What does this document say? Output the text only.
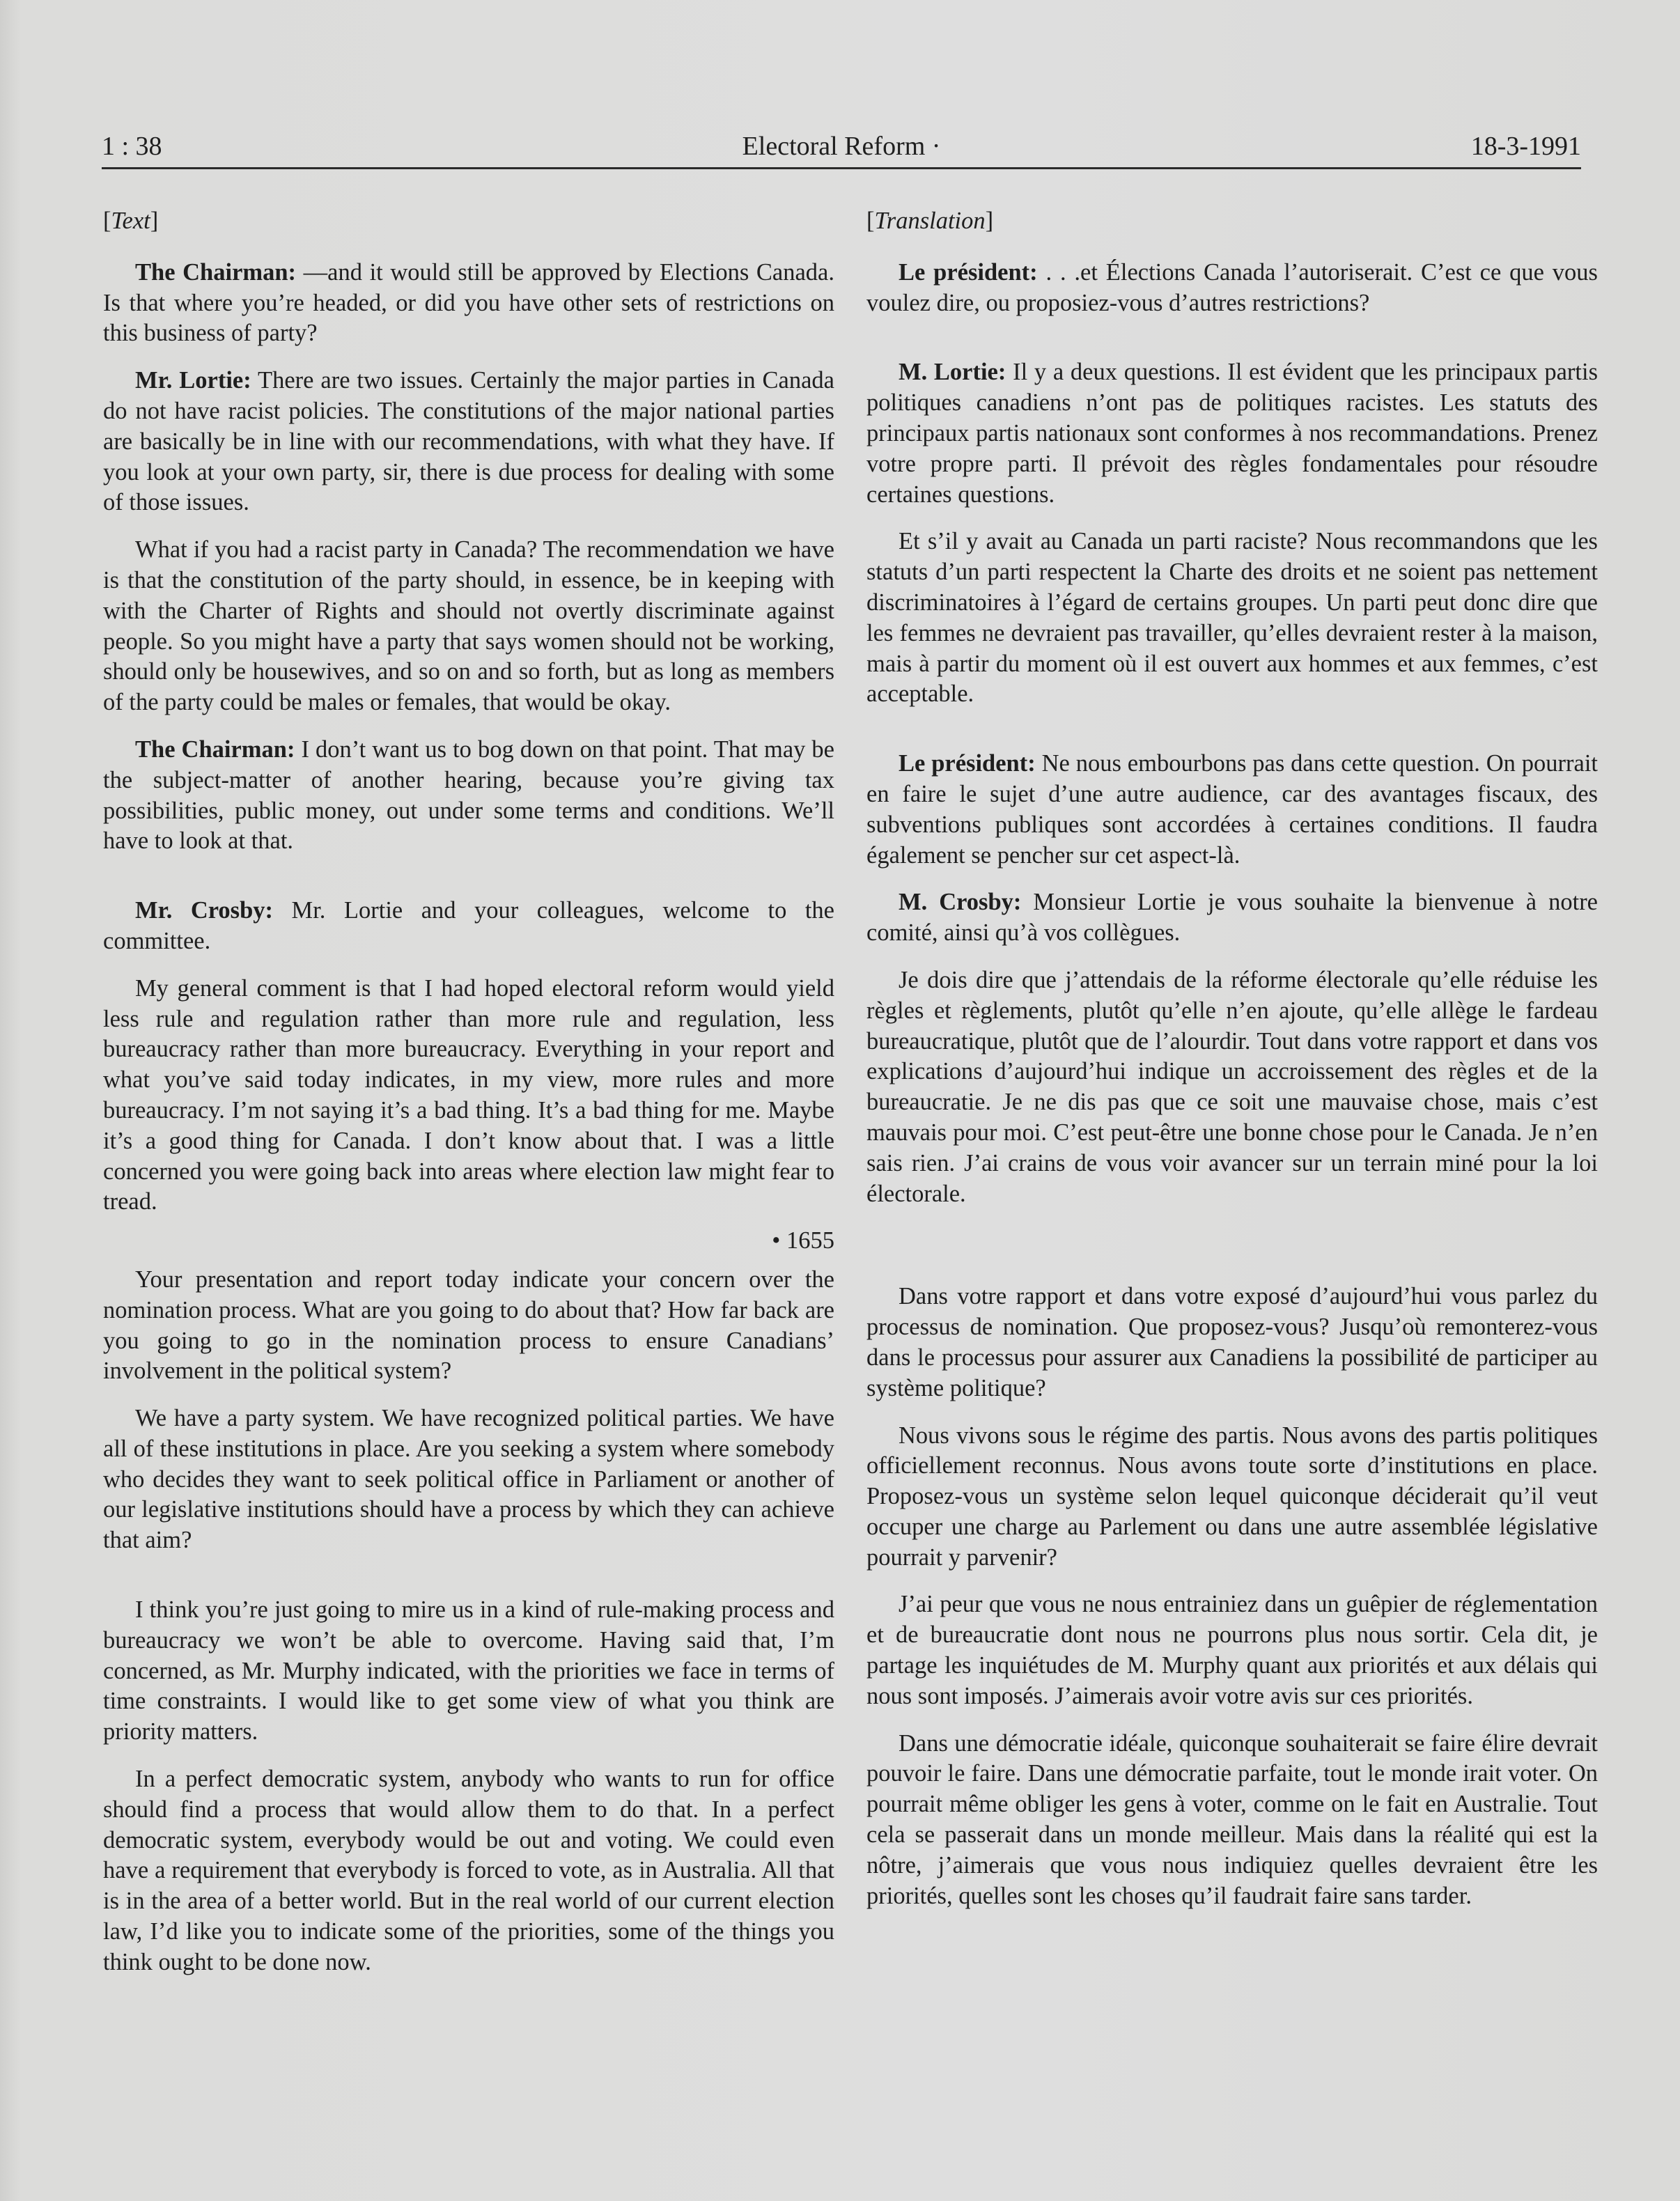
1 : 38	Electoral Reform ·	18-3-1991

[Text]

The Chairman: —and it would still be approved by Elections Canada. Is that where you’re headed, or did you have other sets of restrictions on this business of party?

Mr. Lortie: There are two issues. Certainly the major parties in Canada do not have racist policies. The constitutions of the major national parties are basically be in line with our recommendations, with what they have. If you look at your own party, sir, there is due process for dealing with some of those issues.

What if you had a racist party in Canada? The recommendation we have is that the constitution of the party should, in essence, be in keeping with with the Charter of Rights and should not overtly discriminate against people. So you might have a party that says women should not be working, should only be housewives, and so on and so forth, but as long as members of the party could be males or females, that would be okay.

The Chairman: I don’t want us to bog down on that point. That may be the subject-matter of another hearing, because you’re giving tax possibilities, public money, out under some terms and conditions. We’ll have to look at that.

Mr. Crosby: Mr. Lortie and your colleagues, welcome to the committee.

My general comment is that I had hoped electoral reform would yield less rule and regulation rather than more rule and regulation, less bureaucracy rather than more bureaucracy. Everything in your report and what you’ve said today indicates, in my view, more rules and more bureaucracy. I’m not saying it’s a bad thing. It’s a bad thing for me. Maybe it’s a good thing for Canada. I don’t know about that. I was a little concerned you were going back into areas where election law might fear to tread.

• 1655

Your presentation and report today indicate your concern over the nomination process. What are you going to do about that? How far back are you going to go in the nomination process to ensure Canadians’ involvement in the political system?

We have a party system. We have recognized political parties. We have all of these institutions in place. Are you seeking a system where somebody who decides they want to seek political office in Parliament or another of our legislative institutions should have a process by which they can achieve that aim?

I think you’re just going to mire us in a kind of rule-making process and bureaucracy we won’t be able to overcome. Having said that, I’m concerned, as Mr. Murphy indicated, with the priorities we face in terms of time constraints. I would like to get some view of what you think are priority matters.

In a perfect democratic system, anybody who wants to run for office should find a process that would allow them to do that. In a perfect democratic system, everybody would be out and voting. We could even have a requirement that everybody is forced to vote, as in Australia. All that is in the area of a better world. But in the real world of our current election law, I’d like you to indicate some of the priorities, some of the things you think ought to be done now.

[Translation]

Le président: . . .et Élections Canada l’autoriserait. C’est ce que vous voulez dire, ou proposiez-vous d’autres restrictions?

M. Lortie: Il y a deux questions. Il est évident que les principaux partis politiques canadiens n’ont pas de politiques racistes. Les statuts des principaux partis nationaux sont conformes à nos recommandations. Prenez votre propre parti. Il prévoit des règles fondamentales pour résoudre certaines questions.

Et s’il y avait au Canada un parti raciste? Nous recommandons que les statuts d’un parti respectent la Charte des droits et ne soient pas nettement discriminatoires à l’égard de certains groupes. Un parti peut donc dire que les femmes ne devraient pas travailler, qu’elles devraient rester à la maison, mais à partir du moment où il est ouvert aux hommes et aux femmes, c’est acceptable.

Le président: Ne nous embourbons pas dans cette question. On pourrait en faire le sujet d’une autre audience, car des avantages fiscaux, des subventions publiques sont accordées à certaines conditions. Il faudra également se pencher sur cet aspect-là.

M. Crosby: Monsieur Lortie je vous souhaite la bienvenue à notre comité, ainsi qu’à vos collègues.

Je dois dire que j’attendais de la réforme électorale qu’elle réduise les règles et règlements, plutôt qu’elle n’en ajoute, qu’elle allège le fardeau bureaucratique, plutôt que de l’alourdir. Tout dans votre rapport et dans vos explications d’aujourd’hui indique un accroissement des règles et de la bureaucratie. Je ne dis pas que ce soit une mauvaise chose, mais c’est mauvais pour moi. C’est peut-être une bonne chose pour le Canada. Je n’en sais rien. J’ai crains de vous voir avancer sur un terrain miné pour la loi électorale.

Dans votre rapport et dans votre exposé d’aujourd’hui vous parlez du processus de nomination. Que proposez-vous? Jusqu’où remonterez-vous dans le processus pour assurer aux Canadiens la possibilité de participer au système politique?

Nous vivons sous le régime des partis. Nous avons des partis politiques officiellement reconnus. Nous avons toute sorte d’institutions en place. Proposez-vous un système selon lequel quiconque déciderait qu’il veut occuper une charge au Parlement ou dans une autre assemblée législative pourrait y parvenir?

J’ai peur que vous ne nous entrainiez dans un guêpier de réglementation et de bureaucratie dont nous ne pourrons plus nous sortir. Cela dit, je partage les inquiétudes de M. Murphy quant aux priorités et aux délais qui nous sont imposés. J’aimerais avoir votre avis sur ces priorités.

Dans une démocratie idéale, quiconque souhaiterait se faire élire devrait pouvoir le faire. Dans une démocratie parfaite, tout le monde irait voter. On pourrait même obliger les gens à voter, comme on le fait en Australie. Tout cela se passerait dans un monde meilleur. Mais dans la réalité qui est la nôtre, j’aimerais que vous nous indiquiez quelles devraient être les priorités, quelles sont les choses qu’il faudrait faire sans tarder.
